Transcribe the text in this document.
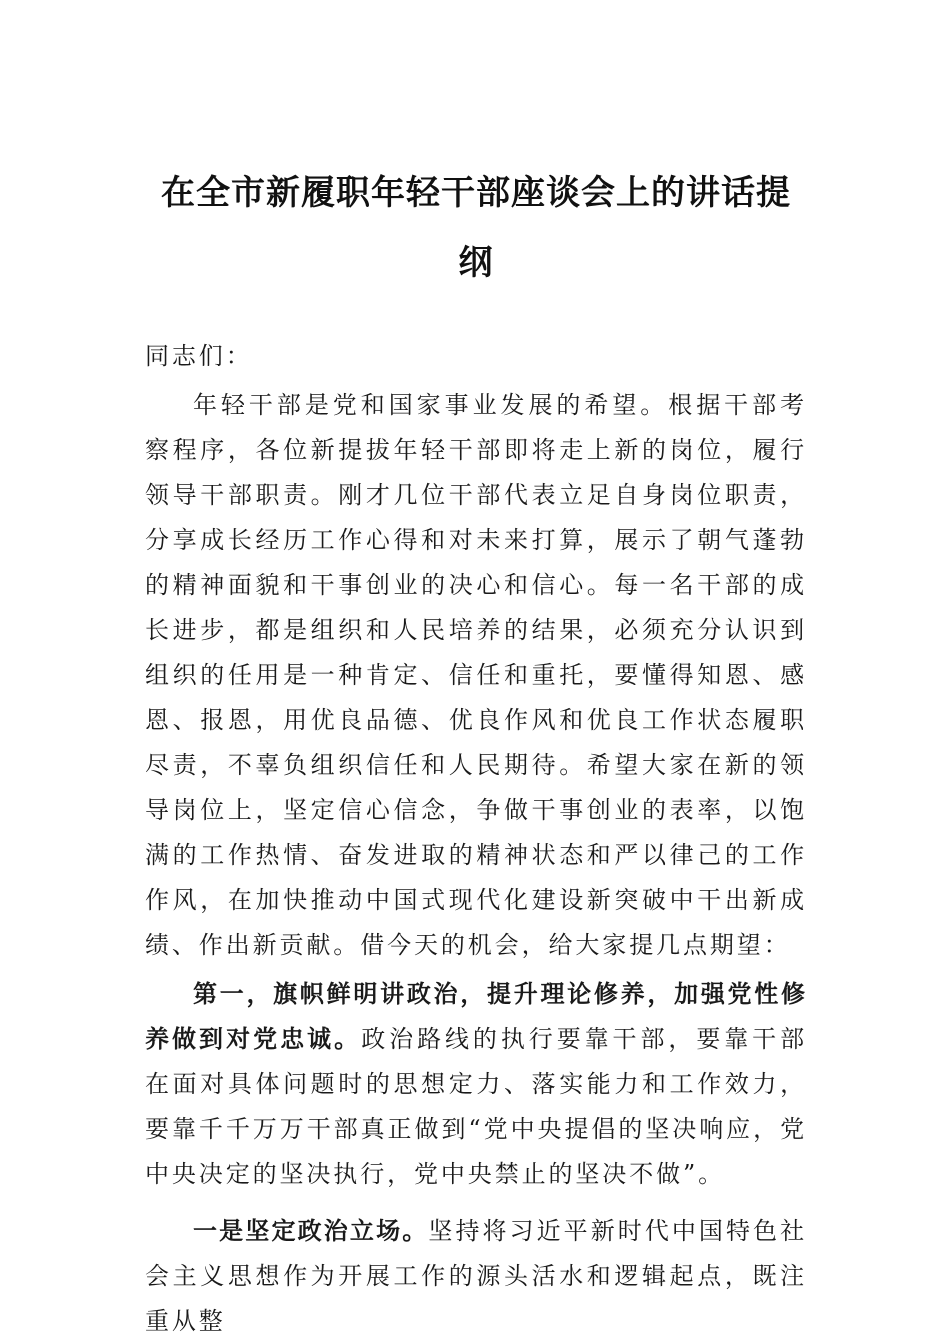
在全市新履职年轻干部座谈会上的讲话提纲

同志们：

年轻干部是党和国家事业发展的希望。根据干部考察程序，各位新提拔年轻干部即将走上新的岗位，履行领导干部职责。刚才几位干部代表立足自身岗位职责，分享成长经历工作心得和对未来打算，展示了朝气蓬勃的精神面貌和干事创业的决心和信心。每一名干部的成长进步，都是组织和人民培养的结果，必须充分认识到组织的任用是一种肯定、信任和重托，要懂得知恩、感恩、报恩，用优良品德、优良作风和优良工作状态履职尽责，不辜负组织信任和人民期待。希望大家在新的领导岗位上，坚定信心信念，争做干事创业的表率，以饱满的工作热情、奋发进取的精神状态和严以律己的工作作风，在加快推动中国式现代化建设新突破中干出新成绩、作出新贡献。借今天的机会，给大家提几点期望：

第一，旗帜鲜明讲政治，提升理论修养，加强党性修养做到对党忠诚。政治路线的执行要靠干部，要靠干部在面对具体问题时的思想定力、落实能力和工作效力，要靠千千万万干部真正做到“党中央提倡的坚决响应，党中央决定的坚决执行，党中央禁止的坚决不做”。

一是坚定政治立场。坚持将习近平新时代中国特色社会主义思想作为开展工作的源头活水和逻辑起点，既注重从整
